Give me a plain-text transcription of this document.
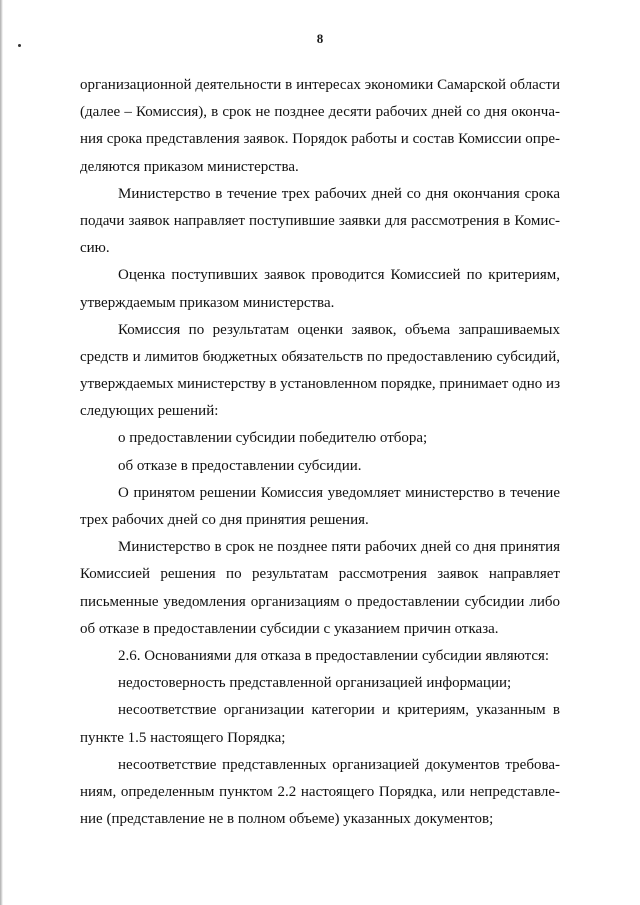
8
организационной деятельности в интересах экономики Самарской области
(далее – Комиссия), в срок не позднее десяти рабочих дней со дня оконча-
ния срока представления заявок. Порядок работы и состав Комиссии опре-
деляются приказом министерства.
Министерство в течение трех рабочих дней со дня окончания срока
подачи заявок направляет поступившие заявки для рассмотрения в Комис-
сию.
Оценка поступивших заявок проводится Комиссией по критериям,
утверждаемым приказом министерства.
Комиссия по результатам оценки заявок, объема запрашиваемых
средств и лимитов бюджетных обязательств по предоставлению субсидий,
утверждаемых министерству в установленном порядке, принимает одно из
следующих решений:
о предоставлении субсидии победителю отбора;
об отказе в предоставлении субсидии.
О принятом решении Комиссия уведомляет министерство в течение
трех рабочих дней со дня принятия решения.
Министерство в срок не позднее пяти рабочих дней со дня принятия
Комиссией решения по результатам рассмотрения заявок направляет
письменные уведомления организациям о предоставлении субсидии либо
об отказе в предоставлении субсидии с указанием причин отказа.
2.6. Основаниями для отказа в предоставлении субсидии являются:
недостоверность представленной организацией информации;
несоответствие организации категории и критериям, указанным в
пункте 1.5 настоящего Порядка;
несоответствие представленных организацией документов требова-
ниям, определенным пунктом 2.2 настоящего Порядка, или непредставле-
ние (представление не в полном объеме) указанных документов;
